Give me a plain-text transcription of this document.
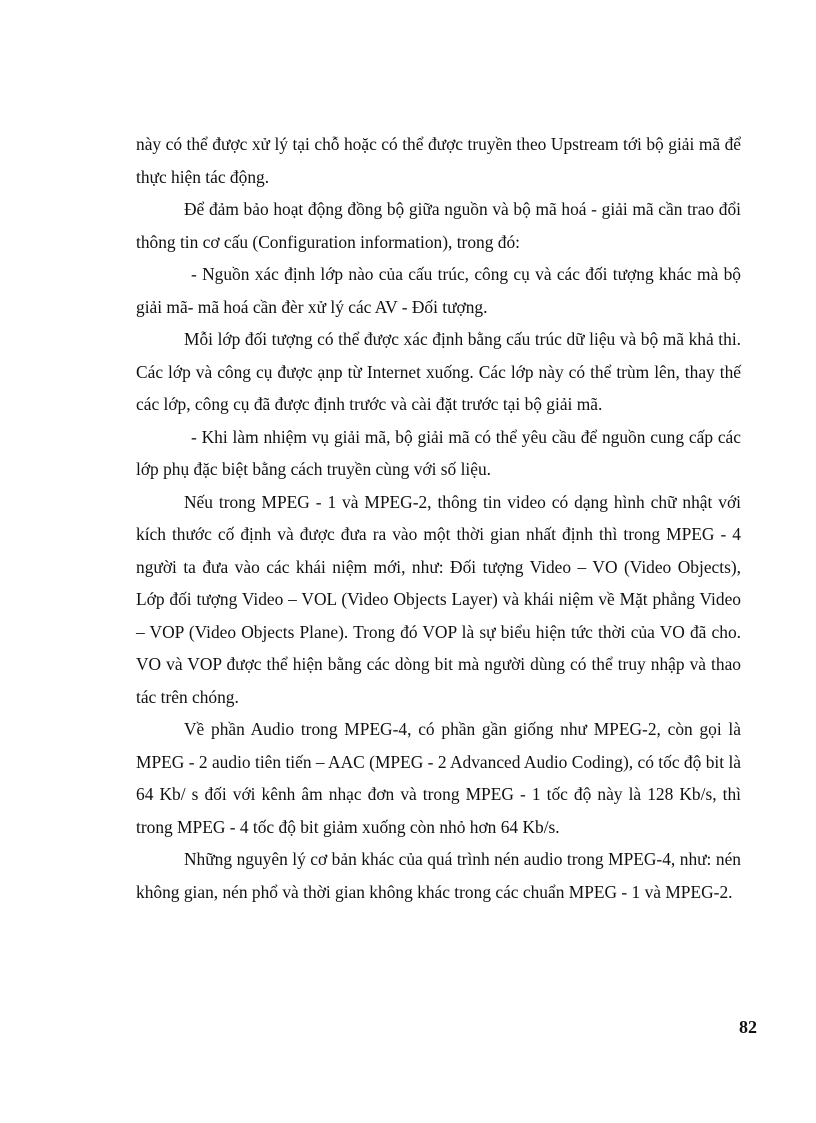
này có thể được xử lý tại chỗ hoặc có thể được truyền theo Upstream tới bộ giải mã để thực hiện tác động.

Để đảm bảo hoạt động đồng bộ giữa nguồn và bộ mã hoá - giải mã cần trao đổi thông tin cơ cấu (Configuration information), trong đó:

- Nguồn xác định lớp nào của cấu trúc, công cụ và các đối tượng khác mà bộ giải mã- mã hoá cần đèr xử lý các AV - Đối tượng.

Mỗi lớp đối tượng có thể được xác định bằng cấu trúc dữ liệu và bộ mã khả thi. Các lớp và công cụ được ạnp từ Internet xuống. Các lớp này có thể trùm lên, thay thế các lớp, công cụ đã được định trước và cài đặt trước tại bộ giải mã.

- Khi làm nhiệm vụ giải mã, bộ giải mã có thể yêu cầu để nguồn cung cấp các lớp phụ đặc biệt bằng cách truyền cùng với số liệu.

Nếu trong MPEG - 1 và MPEG-2, thông tin video có dạng hình chữ nhật với kích thước cố định và được đưa ra vào một thời gian nhất định thì trong MPEG - 4 người ta đưa vào các khái niệm mới, như: Đối tượng Video – VO (Video Objects), Lớp đối tượng Video – VOL (Video Objects Layer) và khái niệm về Mặt phẳng Video – VOP (Video Objects Plane). Trong đó VOP là sự biểu hiện tức thời của VO đã cho. VO và VOP được thể hiện bằng các dòng bit mà người dùng có thể truy nhập và thao tác trên chóng.

Về phần Audio trong MPEG-4, có phần gần giống như MPEG-2, còn gọi là MPEG - 2 audio tiên tiến – AAC (MPEG - 2 Advanced Audio Coding), có tốc độ bit là 64 Kb/ s đối với kênh âm nhạc đơn và trong MPEG - 1 tốc độ này là 128 Kb/s, thì trong MPEG - 4 tốc độ bit giảm xuống còn nhỏ hơn 64 Kb/s.

Những nguyên lý cơ bản khác của quá trình nén audio trong MPEG-4, như: nén không gian, nén phổ và thời gian không khác trong các chuẩn MPEG - 1 và MPEG-2.

82
